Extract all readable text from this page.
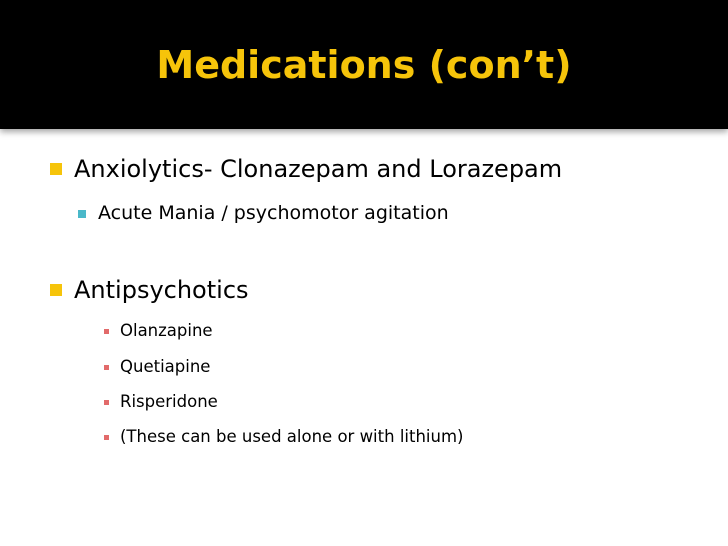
Medications (con’t)
Anxiolytics- Clonazepam and Lorazepam
Acute Mania / psychomotor agitation
Antipsychotics
Olanzapine
Quetiapine
Risperidone
(These can be used alone or with lithium)
